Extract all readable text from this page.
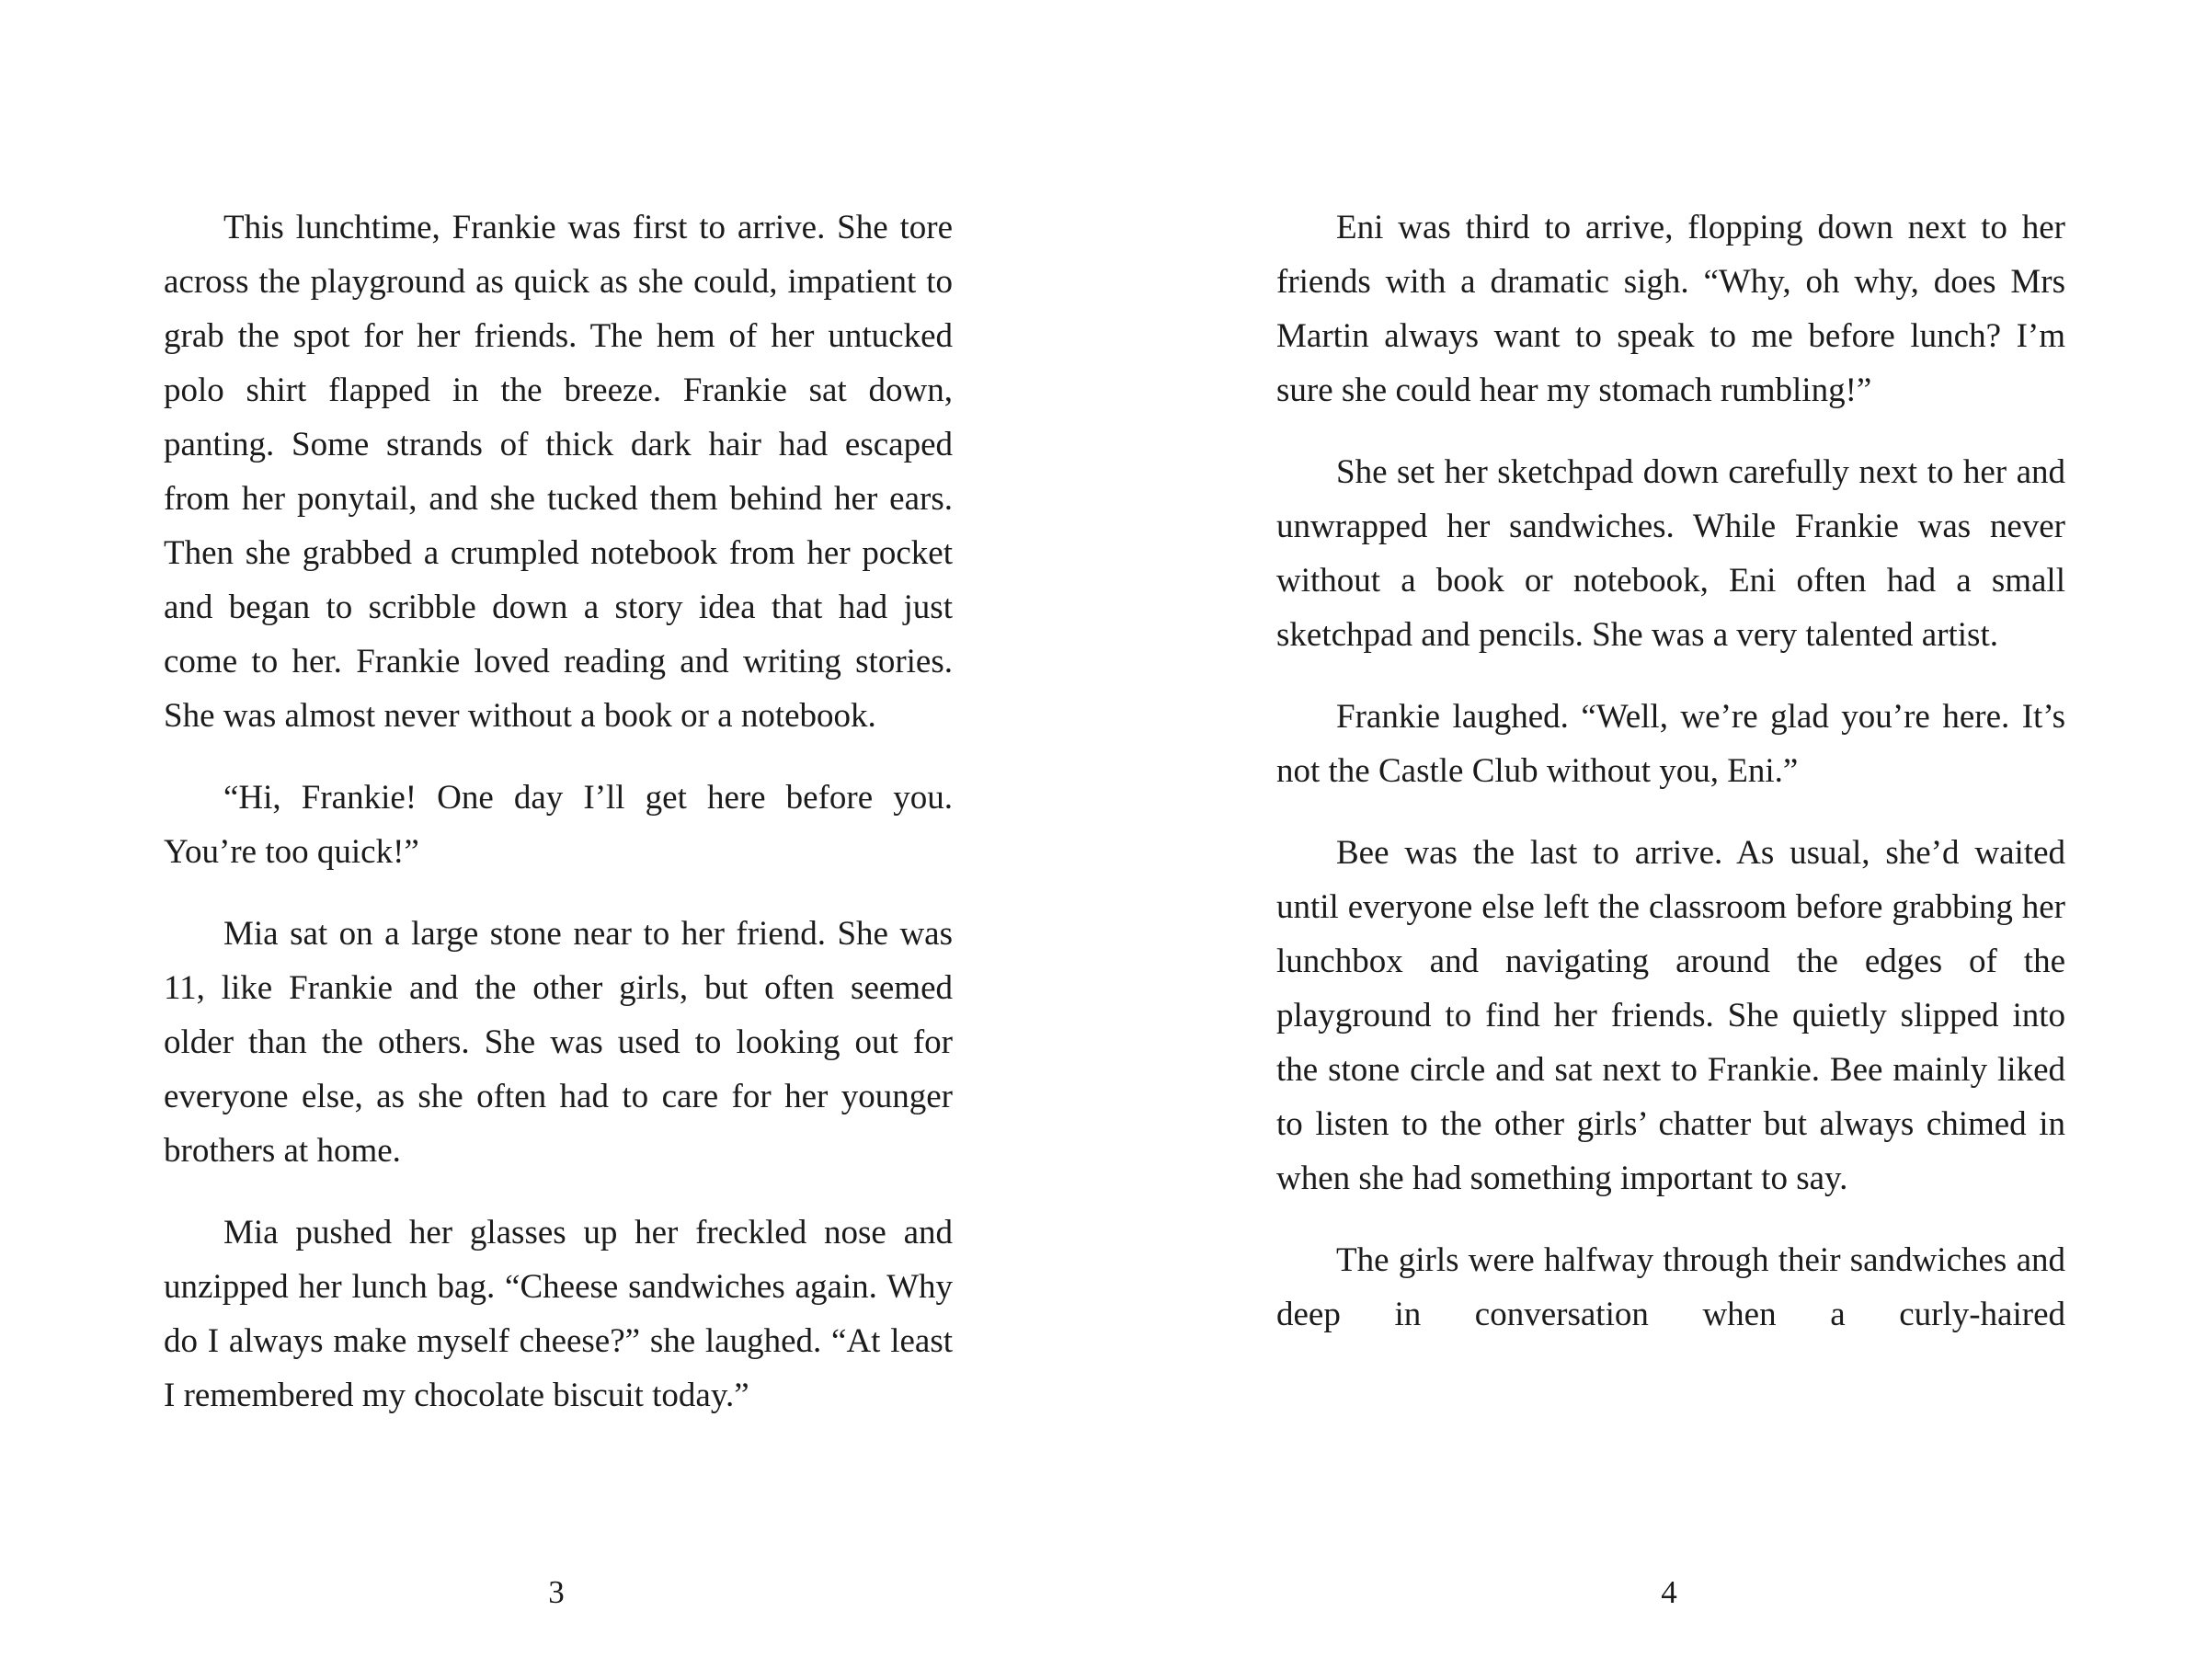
This lunchtime, Frankie was first to arrive. She tore across the playground as quick as she could, impatient to grab the spot for her friends. The hem of her untucked polo shirt flapped in the breeze. Frankie sat down, panting. Some strands of thick dark hair had escaped from her ponytail, and she tucked them behind her ears. Then she grabbed a crumpled notebook from her pocket and began to scribble down a story idea that had just come to her. Frankie loved reading and writing stories. She was almost never without a book or a notebook.

“Hi, Frankie! One day I’ll get here before you. You’re too quick!”

Mia sat on a large stone near to her friend. She was 11, like Frankie and the other girls, but often seemed older than the others. She was used to looking out for everyone else, as she often had to care for her younger brothers at home.

Mia pushed her glasses up her freckled nose and unzipped her lunch bag. “Cheese sandwiches again. Why do I always make myself cheese?” she laughed. “At least I remembered my chocolate biscuit today.”

Eni was third to arrive, flopping down next to her friends with a dramatic sigh. “Why, oh why, does Mrs Martin always want to speak to me before lunch? I’m sure she could hear my stomach rumbling!”

She set her sketchpad down carefully next to her and unwrapped her sandwiches. While Frankie was never without a book or notebook, Eni often had a small sketchpad and pencils. She was a very talented artist.

Frankie laughed. “Well, we’re glad you’re here. It’s not the Castle Club without you, Eni.”

Bee was the last to arrive. As usual, she’d waited until everyone else left the classroom before grabbing her lunchbox and navigating around the edges of the playground to find her friends. She quietly slipped into the stone circle and sat next to Frankie. Bee mainly liked to listen to the other girls’ chatter but always chimed in when she had something important to say.

The girls were halfway through their sandwiches and deep in conversation when a curly-haired

3	4
